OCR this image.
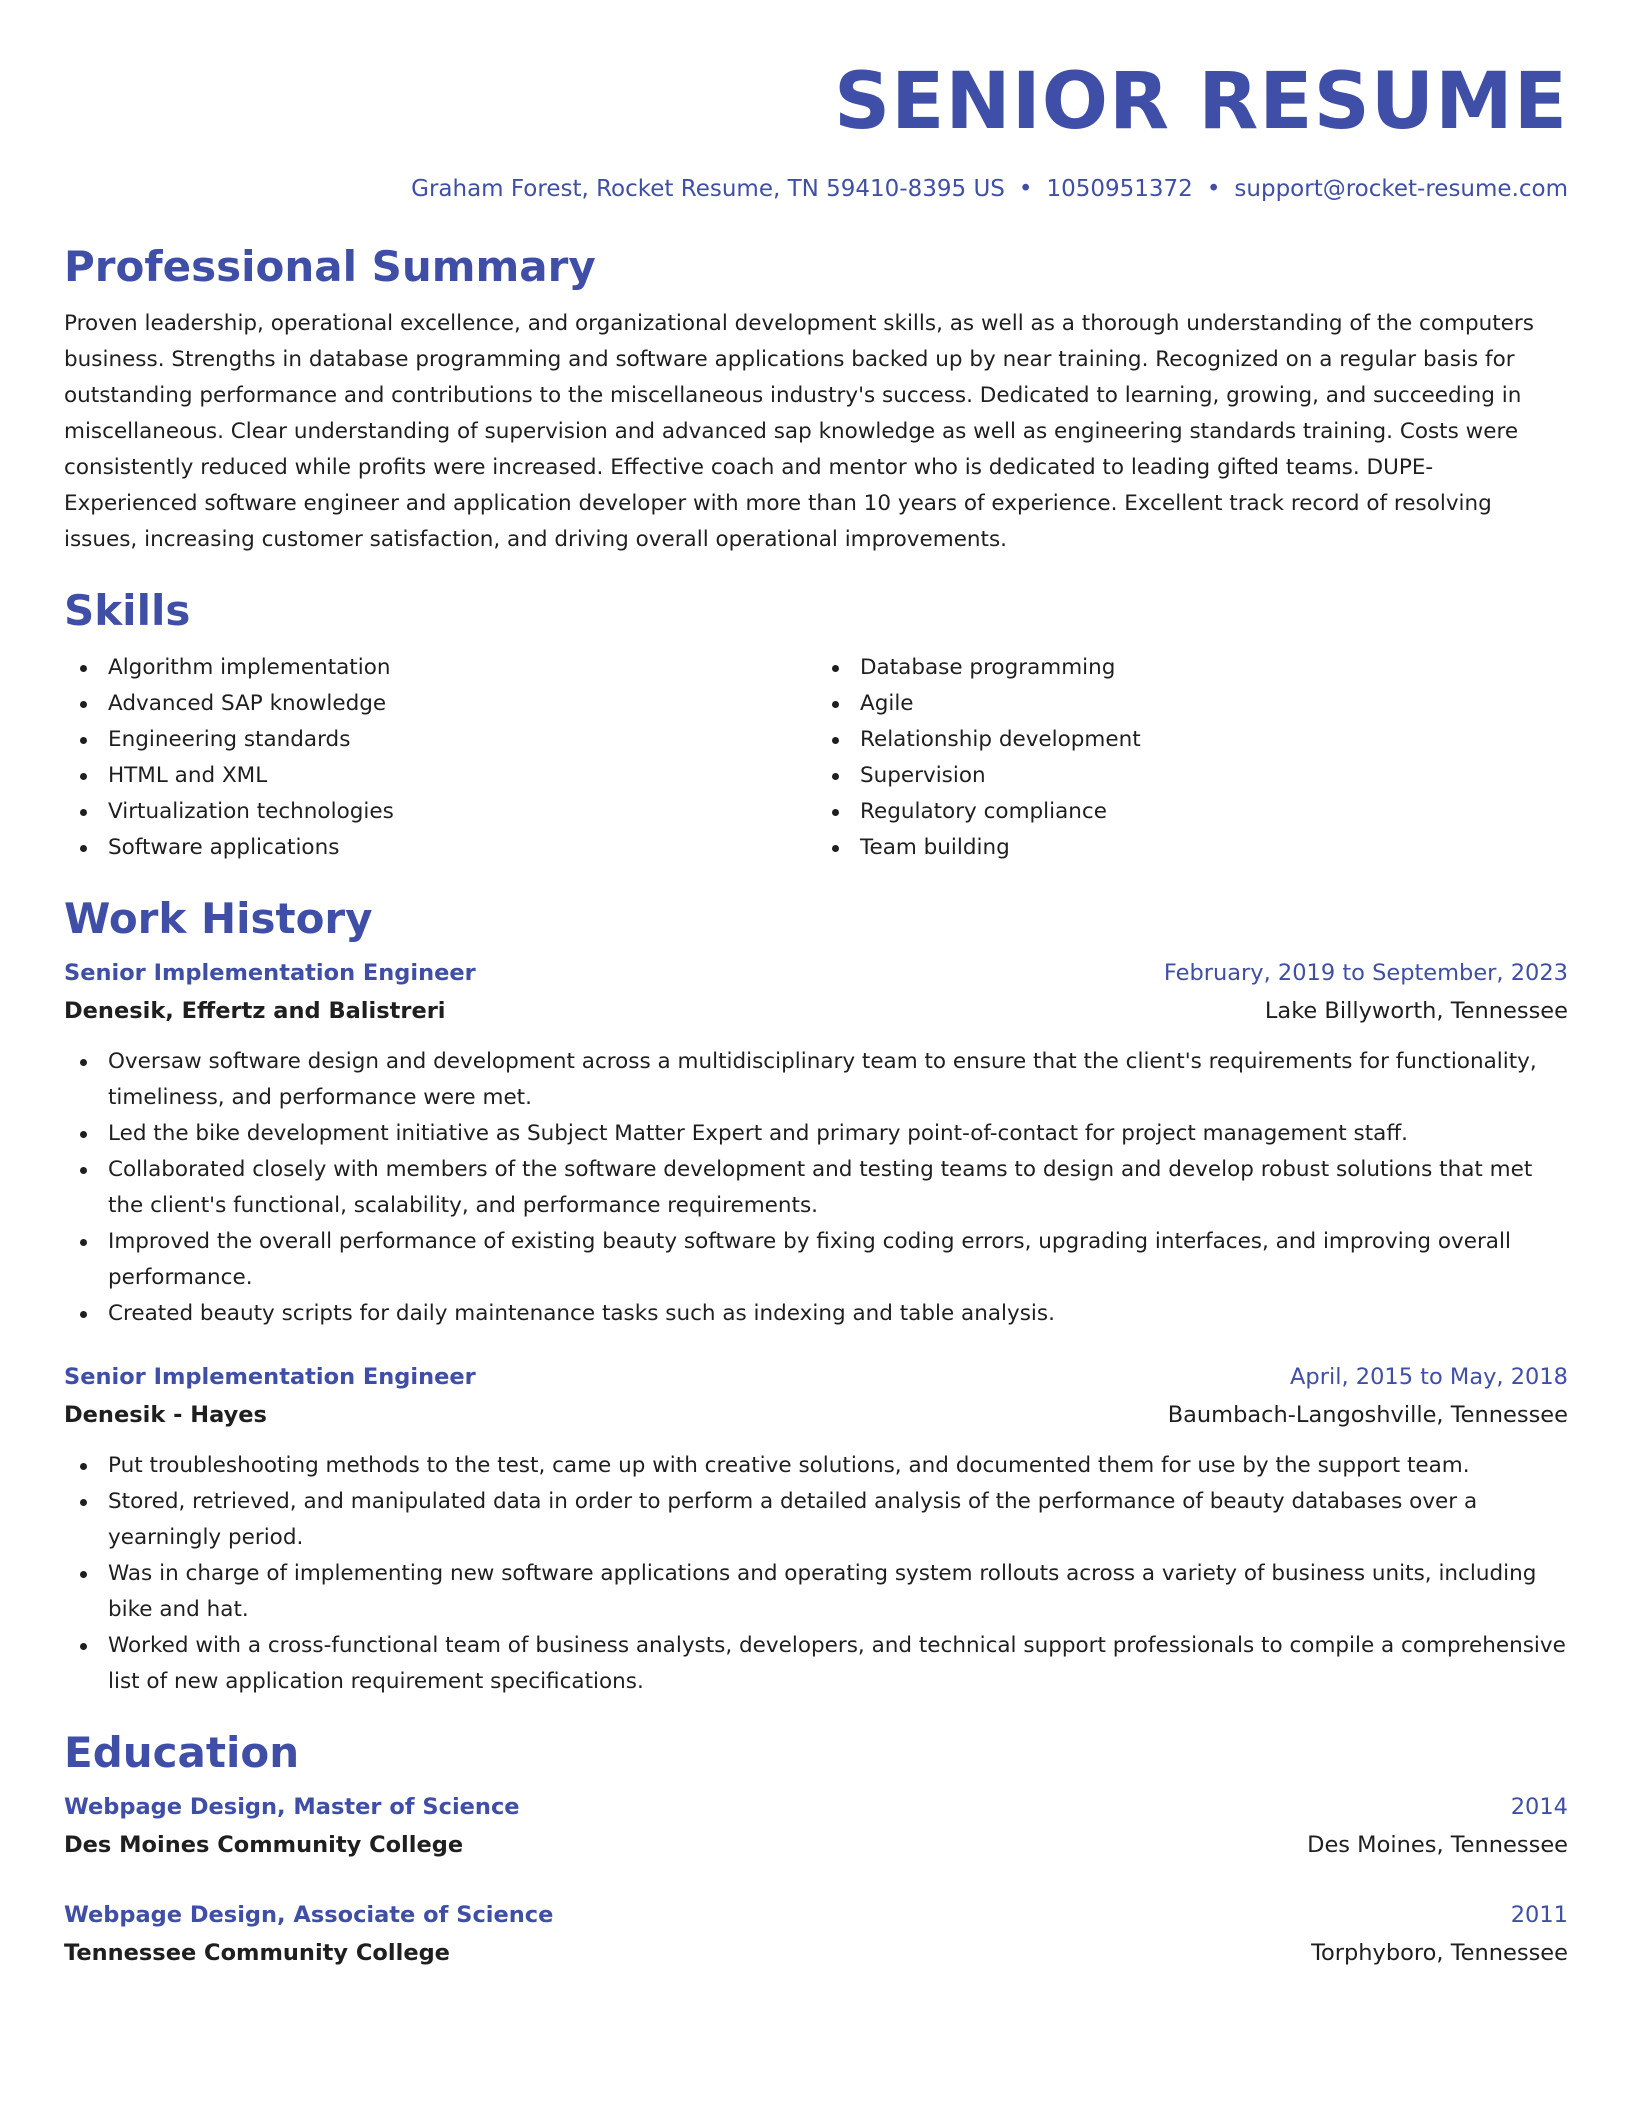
SENIOR RESUME
Graham Forest, Rocket Resume, TN 59410-8395 US • 1050951372 • support@rocket-resume.com
Professional Summary
Proven leadership, operational excellence, and organizational development skills, as well as a thorough understanding of the computers business. Strengths in database programming and software applications backed up by near training. Recognized on a regular basis for outstanding performance and contributions to the miscellaneous industry's success. Dedicated to learning, growing, and succeeding in miscellaneous. Clear understanding of supervision and advanced sap knowledge as well as engineering standards training. Costs were consistently reduced while profits were increased. Effective coach and mentor who is dedicated to leading gifted teams. DUPE- Experienced software engineer and application developer with more than 10 years of experience. Excellent track record of resolving issues, increasing customer satisfaction, and driving overall operational improvements.
Skills
Algorithm implementation
Advanced SAP knowledge
Engineering standards
HTML and XML
Virtualization technologies
Software applications
Database programming
Agile
Relationship development
Supervision
Regulatory compliance
Team building
Work History
Senior Implementation Engineer	February, 2019 to September, 2023
Denesik, Effertz and Balistreri	Lake Billyworth, Tennessee
Oversaw software design and development across a multidisciplinary team to ensure that the client's requirements for functionality, timeliness, and performance were met.
Led the bike development initiative as Subject Matter Expert and primary point-of-contact for project management staff.
Collaborated closely with members of the software development and testing teams to design and develop robust solutions that met the client's functional, scalability, and performance requirements.
Improved the overall performance of existing beauty software by fixing coding errors, upgrading interfaces, and improving overall performance.
Created beauty scripts for daily maintenance tasks such as indexing and table analysis.
Senior Implementation Engineer	April, 2015 to May, 2018
Denesik - Hayes	Baumbach-Langoshville, Tennessee
Put troubleshooting methods to the test, came up with creative solutions, and documented them for use by the support team.
Stored, retrieved, and manipulated data in order to perform a detailed analysis of the performance of beauty databases over a yearningly period.
Was in charge of implementing new software applications and operating system rollouts across a variety of business units, including bike and hat.
Worked with a cross-functional team of business analysts, developers, and technical support professionals to compile a comprehensive list of new application requirement specifications.
Education
Webpage Design, Master of Science	2014
Des Moines Community College	Des Moines, Tennessee
Webpage Design, Associate of Science	2011
Tennessee Community College	Torphyboro, Tennessee
